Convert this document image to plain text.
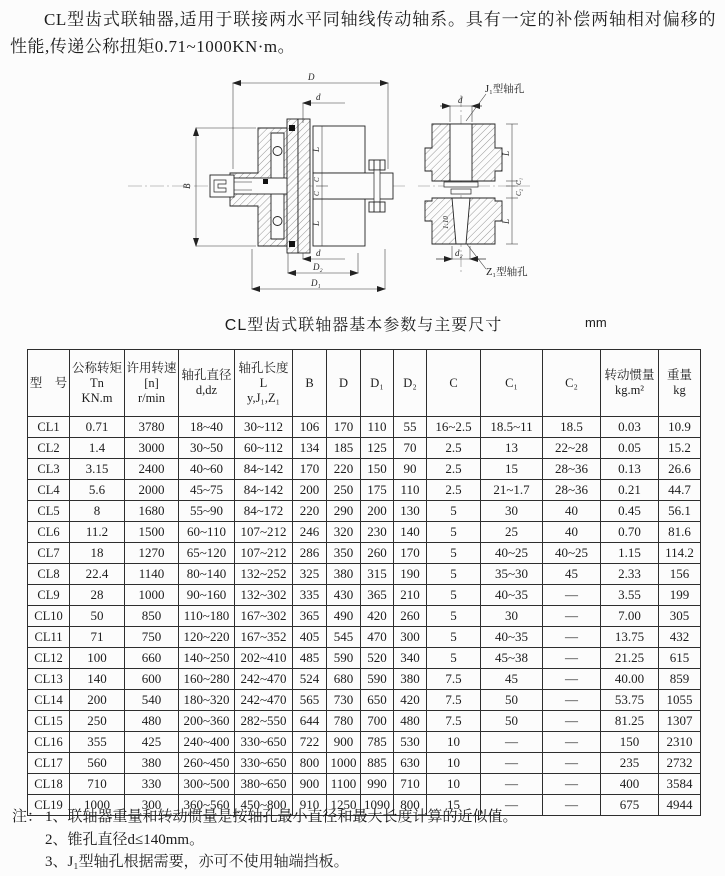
CL型齿式联轴器,适用于联接两水平同轴线传动轴系。具有一定的补偿两轴相对偏移的性能,传递公称扭矩0.71~1000KN·m。

D
d
B
L
C
C
L
d
D₂
D₁
d
d₂
L
C₁
C₂
L
1:10
J₁型轴孔
Z₁型轴孔
CL型齿式联轴器基本参数与主要尺寸	mm
型　号

公称转矩
Tn
KN.m

许用转速
[n]
r/min

轴孔直径
d,dz

轴孔长度
L
y,J₁,Z₁

B	D	D₁	D₂	C	C₁	C₂

转动惯量
kg.m²

重量
kg

CL1	0.71	3780	18~40	30~112	106	170	110	55	16~2.5	18.5~11	18.5	0.03	10.9
CL2	1.4	3000	30~50	60~112	134	185	125	70	2.5	13	22~28	0.05	15.2
CL3	3.15	2400	40~60	84~142	170	220	150	90	2.5	15	28~36	0.13	26.6
CL4	5.6	2000	45~75	84~142	200	250	175	110	2.5	21~1.7	28~36	0.21	44.7
CL5	8	1680	55~90	84~172	220	290	200	130	5	30	40	0.45	56.1
CL6	11.2	1500	60~110	107~212	246	320	230	140	5	25	40	0.70	81.6
CL7	18	1270	65~120	107~212	286	350	260	170	5	40~25	40~25	1.15	114.2
CL8	22.4	1140	80~140	132~252	325	380	315	190	5	35~30	45	2.33	156
CL9	28	1000	90~160	132~302	335	430	365	210	5	40~35	—	3.55	199
CL10	50	850	110~180	167~302	365	490	420	260	5	30	—	7.00	305
CL11	71	750	120~220	167~352	405	545	470	300	5	40~35	—	13.75	432
CL12	100	660	140~250	202~410	485	590	520	340	5	45~38	—	21.25	615
CL13	140	600	160~280	242~470	524	680	590	380	7.5	45	—	40.00	859
CL14	200	540	180~320	242~470	565	730	650	420	7.5	50	—	53.75	1055
CL15	250	480	200~360	282~550	644	780	700	480	7.5	50	—	81.25	1307
CL16	355	425	240~400	330~650	722	900	785	530	10	—	—	150	2310
CL17	560	380	260~450	330~650	800	1000	885	630	10	—	—	235	2732
CL18	710	330	300~500	380~650	900	1100	990	710	10	—	—	400	3584
CL19	1000	300	360~560	450~800	910	1250	1090	800	15	—	—	675	4944
注： 1、联轴器重量和转动惯量是按轴孔最小直径和最大长度计算的近似值。
2、锥孔直径d≤140mm。
3、J₁型轴孔根据需要，亦可不使用轴端挡板。
